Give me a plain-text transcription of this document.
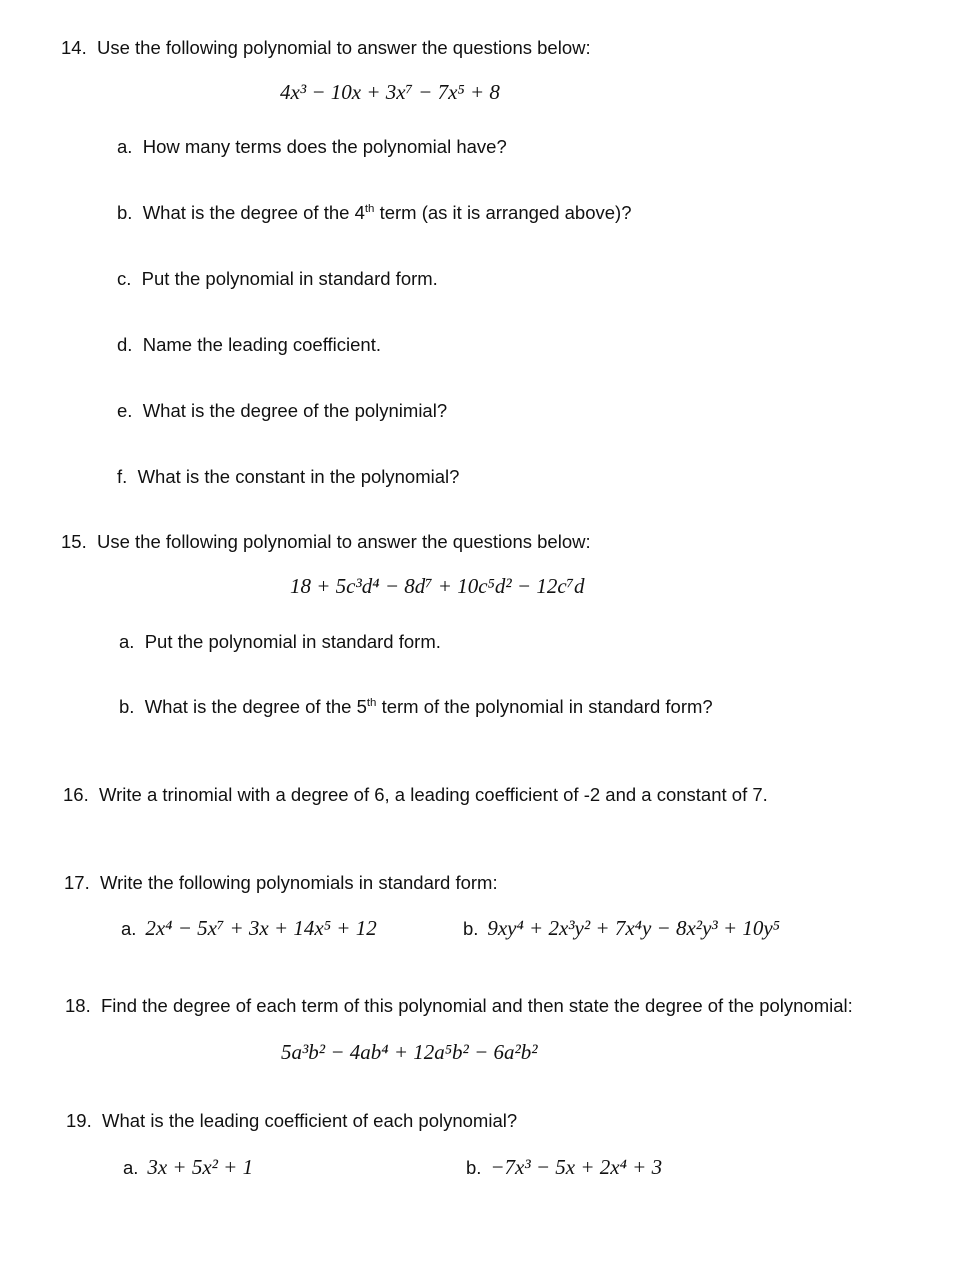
14. Use the following polynomial to answer the questions below:
4x³ − 10x + 3x⁷ − 7x⁵ + 8
a. How many terms does the polynomial have?
b. What is the degree of the 4th term (as it is arranged above)?
c. Put the polynomial in standard form.
d. Name the leading coefficient.
e. What is the degree of the polynimial?
f. What is the constant in the polynomial?
15. Use the following polynomial to answer the questions below:
18 + 5c³d⁴ − 8d⁷ + 10c⁵d² − 12c⁷d
a. Put the polynomial in standard form.
b. What is the degree of the 5th term of the polynomial in standard form?
16. Write a trinomial with a degree of 6, a leading coefficient of -2 and a constant of 7.
17. Write the following polynomials in standard form:
a. 2x⁴ − 5x⁷ + 3x + 14x⁵ + 12	b. 9xy⁴ + 2x³y² + 7x⁴y − 8x²y³ + 10y⁵
18. Find the degree of each term of this polynomial and then state the degree of the polynomial:
5a³b² − 4ab⁴ + 12a⁵b² − 6a²b²
19. What is the leading coefficient of each polynomial?
a. 3x + 5x² + 1	b. −7x³ − 5x + 2x⁴ + 3
